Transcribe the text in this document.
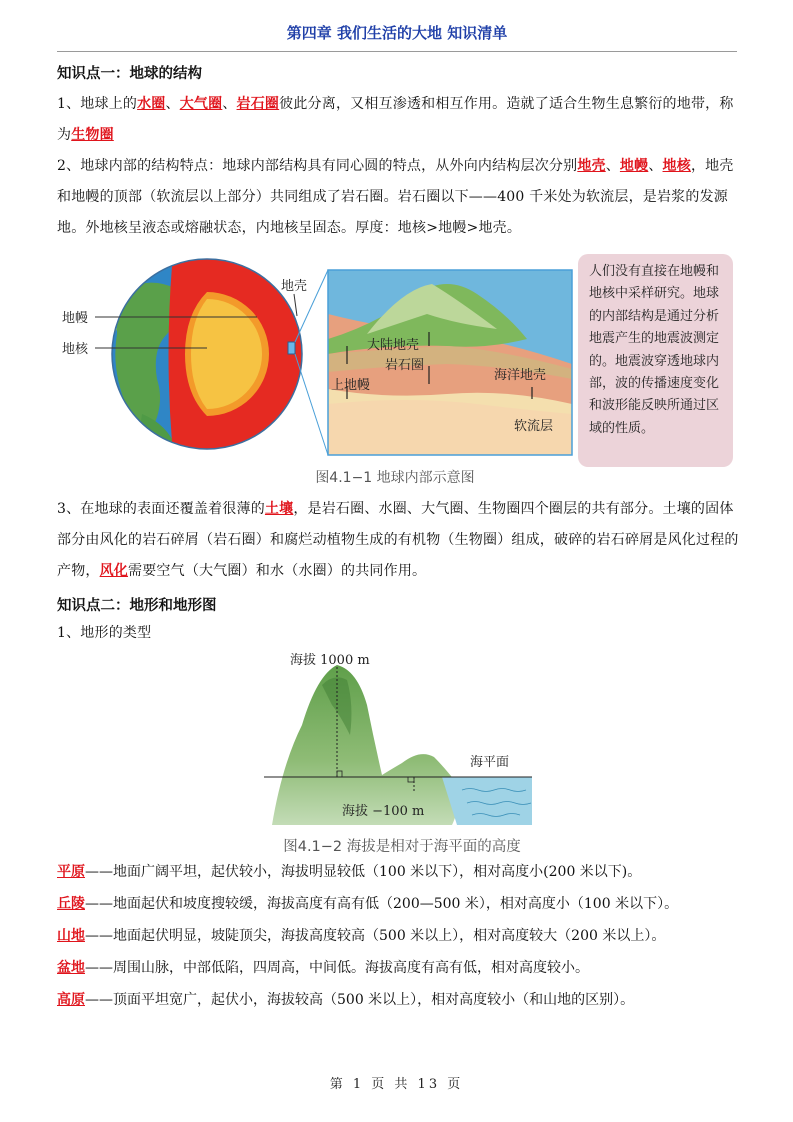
第四章 我们生活的大地 知识清单
知识点一：地球的结构
1、地球上的水圈、大气圈、岩石圈彼此分离，又相互渗透和相互作用。造就了适合生物生息繁衍的地带，称为生物圈
2、地球内部的结构特点：地球内部结构具有同心圆的特点，从外向内结构层次分别地壳、地幔、地核，地壳和地幔的顶部（软流层以上部分）共同组成了岩石圈。岩石圈以下——400 千米处为软流层，是岩浆的发源地。外地核呈液态或熔融状态，内地核呈固态。厚度：地核>地幔>地壳。
地幔
地核
地壳
大陆地壳
岩石圈
上地幔
海洋地壳
软流层
图4.1−1 地球内部示意图
人们没有直接在地幔和地核中采样研究。地球的内部结构是通过分析地震产生的地震波测定的。地震波穿透地球内部，波的传播速度变化和波形能反映所通过区域的性质。
3、在地球的表面还覆盖着很薄的土壤，是岩石圈、水圈、大气圈、生物圈四个圈层的共有部分。土壤的固体部分由风化的岩石碎屑（岩石圈）和腐烂动植物生成的有机物（生物圈）组成，破碎的岩石碎屑是风化过程的产物，风化需要空气（大气圈）和水（水圈）的共同作用。
知识点二：地形和地形图
1、地形的类型
海拔 1000 m
海平面
海拔 −100 m
图4.1−2 海拔是相对于海平面的高度
平原——地面广阔平坦，起伏较小，海拔明显较低（100 米以下），相对高度小(200 米以下)。
丘陵——地面起伏和坡度搜较缓，海拔高度有高有低（200—500 米），相对高度小（100 米以下）。
山地——地面起伏明显，坡陡顶尖，海拔高度较高（500 米以上），相对高度较大（200 米以上）。
盆地——周围山脉，中部低陷，四周高，中间低。海拔高度有高有低，相对高度较小。
高原——顶面平坦宽广，起伏小，海拔较高（500 米以上），相对高度较小（和山地的区别）。
第 1 页 共 13 页
